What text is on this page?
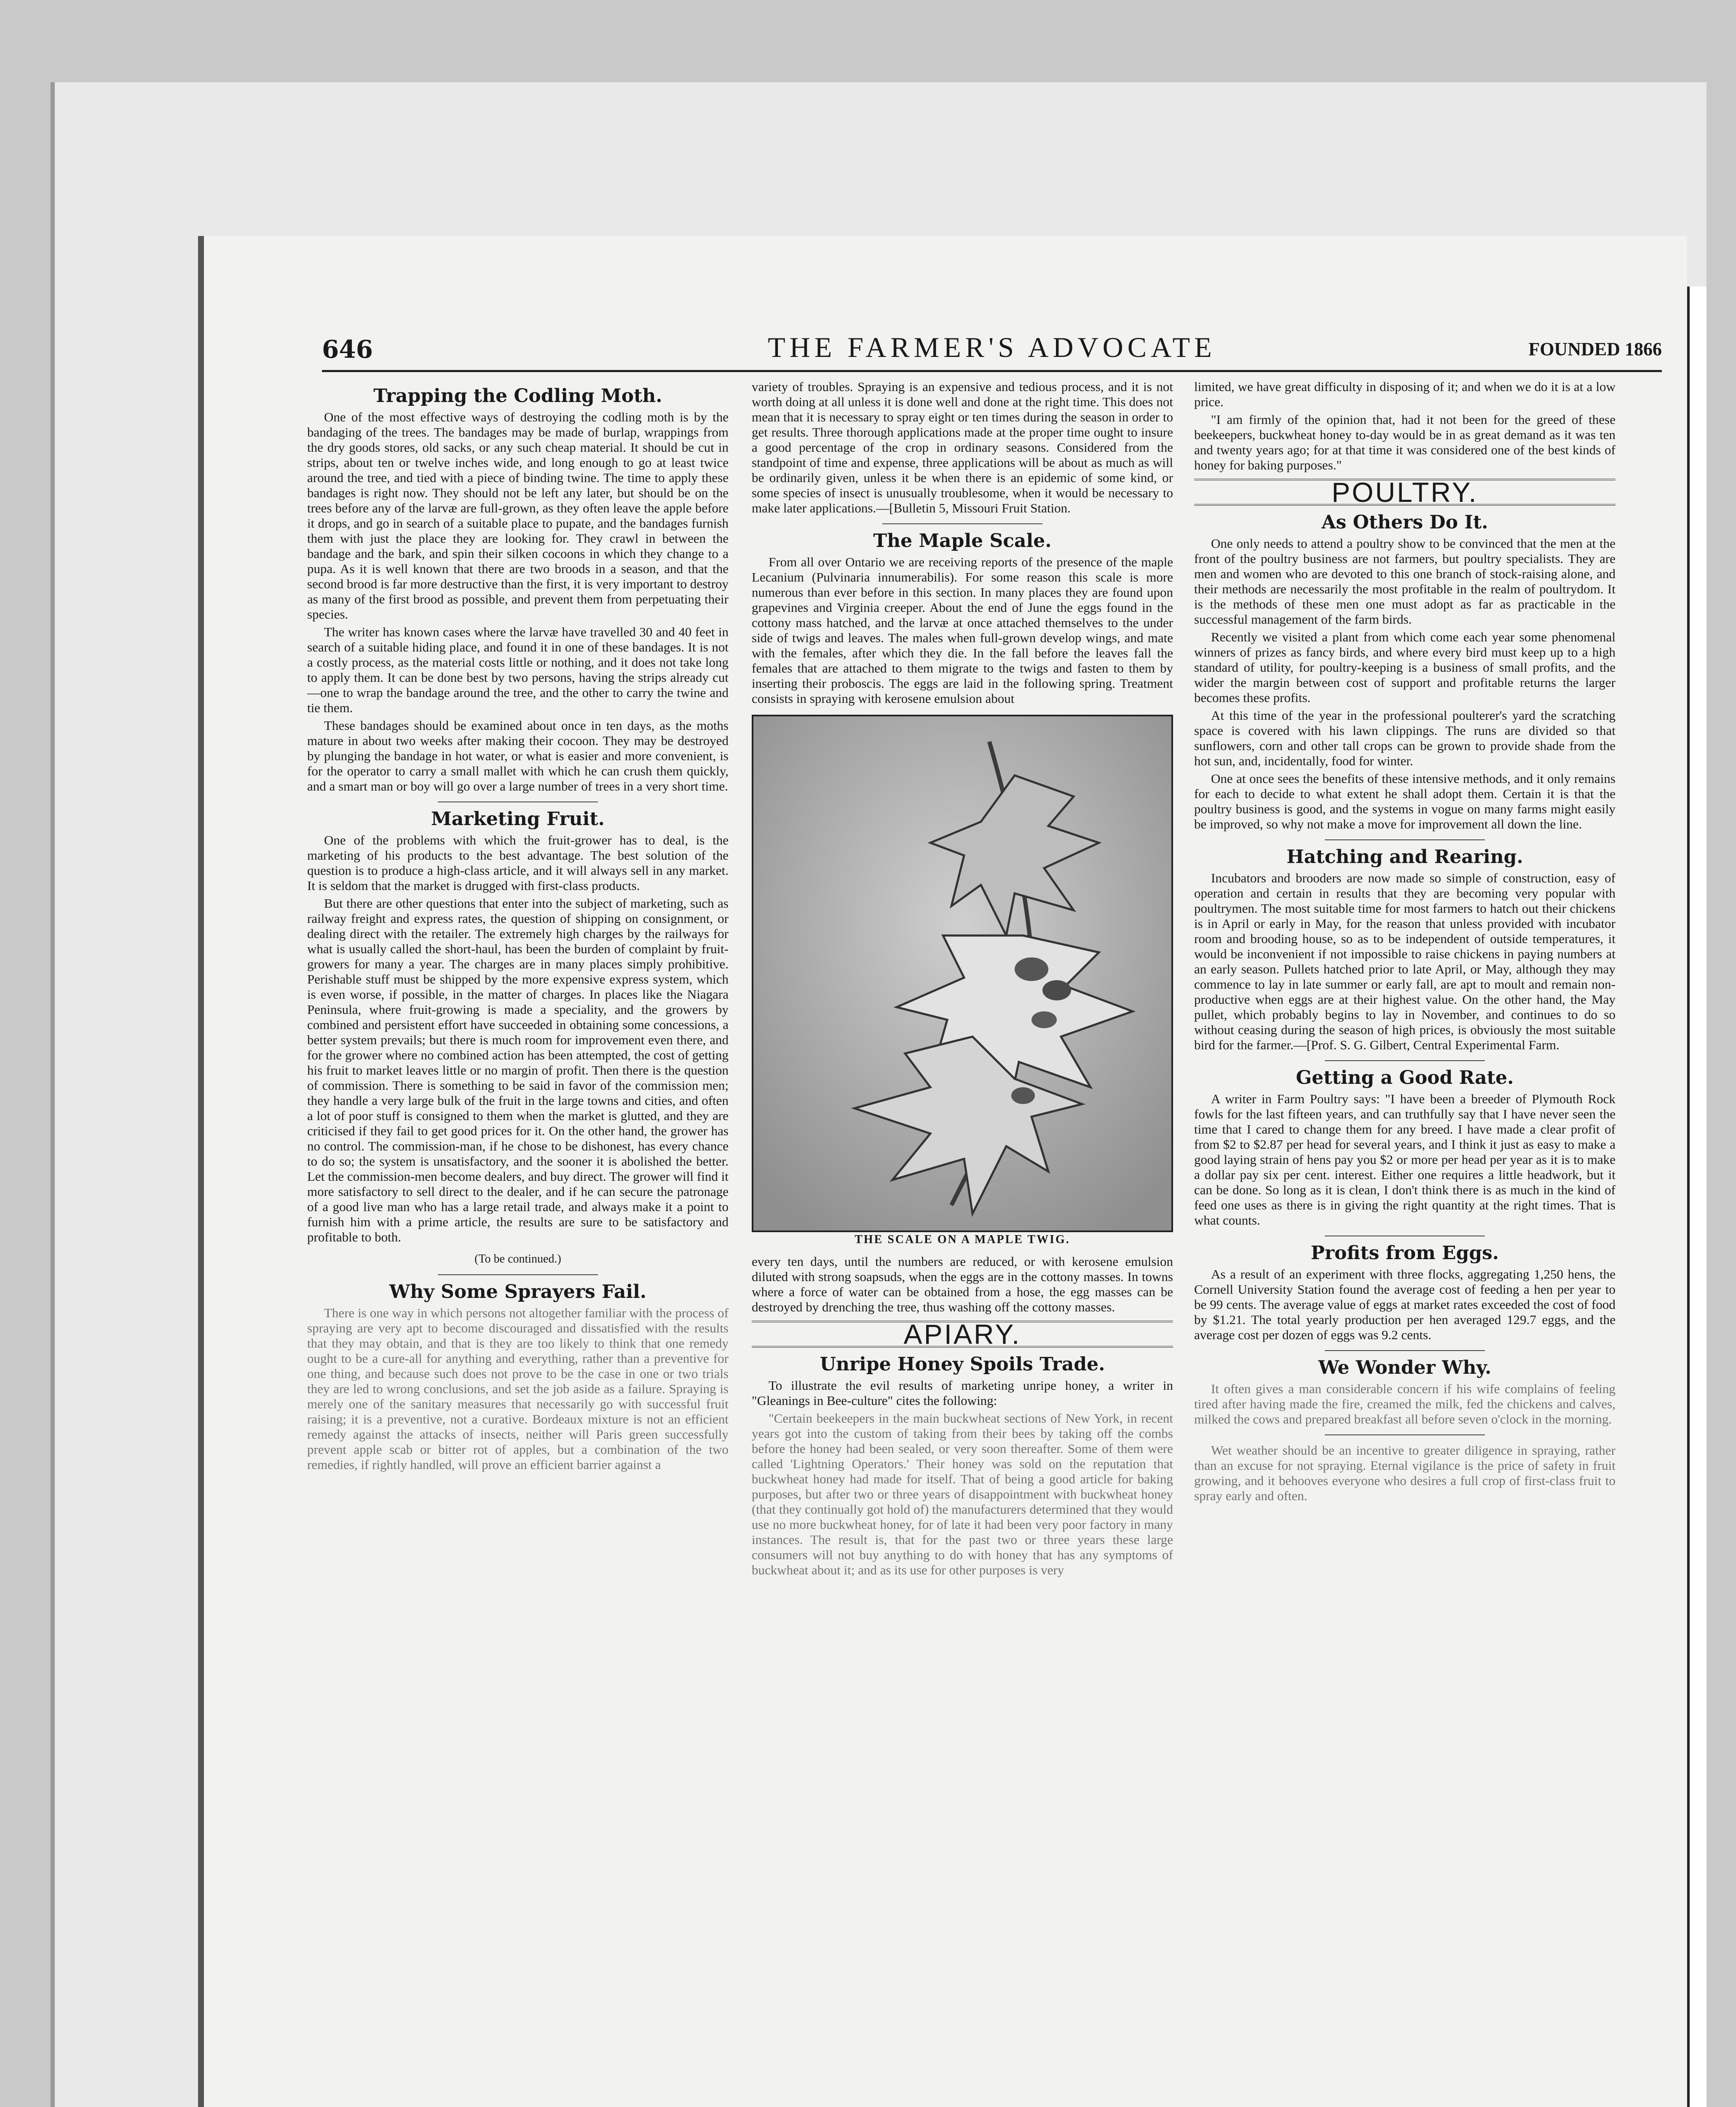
646	THE FARMER'S ADVOCATE	FOUNDED 1866
Trapping the Codling Moth.

One of the most effective ways of destroying the codling moth is by the bandaging of the trees. The bandages may be made of burlap, wrappings from the dry goods stores, old sacks, or any such cheap material. It should be cut in strips, about ten or twelve inches wide, and long enough to go at least twice around the tree, and tied with a piece of binding twine. The time to apply these bandages is right now. They should not be left any later, but should be on the trees before any of the larvæ are full-grown, as they often leave the apple before it drops, and go in search of a suitable place to pupate, and the bandages furnish them with just the place they are looking for. They crawl in between the bandage and the bark, and spin their silken cocoons in which they change to a pupa. As it is well known that there are two broods in a season, and that the second brood is far more destructive than the first, it is very important to destroy as many of the first brood as possible, and prevent them from perpetuating their species.

The writer has known cases where the larvæ have travelled 30 and 40 feet in search of a suitable hiding place, and found it in one of these bandages. It is not a costly process, as the material costs little or nothing, and it does not take long to apply them. It can be done best by two persons, having the strips already cut—one to wrap the bandage around the tree, and the other to carry the twine and tie them.

These bandages should be examined about once in ten days, as the moths mature in about two weeks after making their cocoon. They may be destroyed by plunging the bandage in hot water, or what is easier and more convenient, is for the operator to carry a small mallet with which he can crush them quickly, and a smart man or boy will go over a large number of trees in a very short time.

Marketing Fruit.

One of the problems with which the fruit-grower has to deal, is the marketing of his products to the best advantage. The best solution of the question is to produce a high-class article, and it will always sell in any market. It is seldom that the market is drugged with first-class products.

But there are other questions that enter into the subject of marketing, such as railway freight and express rates, the question of shipping on consignment, or dealing direct with the retailer. The extremely high charges by the railways for what is usually called the short-haul, has been the burden of complaint by fruit-growers for many a year. The charges are in many places simply prohibitive. Perishable stuff must be shipped by the more expensive express system, which is even worse, if possible, in the matter of charges. In places like the Niagara Peninsula, where fruit-growing is made a speciality, and the growers by combined and persistent effort have succeeded in obtaining some concessions, a better system prevails; but there is much room for improvement even there, and for the grower where no combined action has been attempted, the cost of getting his fruit to market leaves little or no margin of profit. Then there is the question of commission. There is something to be said in favor of the commission men; they handle a very large bulk of the fruit in the large towns and cities, and often a lot of poor stuff is consigned to them when the market is glutted, and they are criticised if they fail to get good prices for it. On the other hand, the grower has no control. The commission-man, if he chose to be dishonest, has every chance to do so; the system is unsatisfactory, and the sooner it is abolished the better. Let the commission-men become dealers, and buy direct. The grower will find it more satisfactory to sell direct to the dealer, and if he can secure the patronage of a good live man who has a large retail trade, and always make it a point to furnish him with a prime article, the results are sure to be satisfactory and profitable to both.

(To be continued.)

Why Some Sprayers Fail.

There is one way in which persons not altogether familiar with the process of spraying are very apt to become discouraged and dissatisfied with the results that they may obtain, and that is they are too likely to think that one remedy ought to be a cure-all for anything and everything, rather than a preventive for one thing, and because such does not prove to be the case in one or two trials they are led to wrong conclusions, and set the job aside as a failure. Spraying is merely one of the sanitary measures that necessarily go with successful fruit raising; it is a preventive, not a curative. Bordeaux mixture is not an efficient remedy against the attacks of insects, neither will Paris green successfully prevent apple scab or bitter rot of apples, but a combination of the two remedies, if rightly handled, will prove an efficient barrier against a

variety of troubles. Spraying is an expensive and tedious process, and it is not worth doing at all unless it is done well and done at the right time. This does not mean that it is necessary to spray eight or ten times during the season in order to get results. Three thorough applications made at the proper time ought to insure a good percentage of the crop in ordinary seasons. Considered from the standpoint of time and expense, three applications will be about as much as will be ordinarily given, unless it be when there is an epidemic of some kind, or some species of insect is unusually troublesome, when it would be necessary to make later applications.—[Bulletin 5, Missouri Fruit Station.

The Maple Scale.

From all over Ontario we are receiving reports of the presence of the maple Lecanium (Pulvinaria innumerabilis). For some reason this scale is more numerous than ever before in this section. In many places they are found upon grapevines and Virginia creeper. About the end of June the eggs found in the cottony mass hatched, and the larvæ at once attached themselves to the under side of twigs and leaves. The males when full-grown develop wings, and mate with the females, after which they die. In the fall before the leaves fall the females that are attached to them migrate to the twigs and fasten to them by inserting their proboscis. The eggs are laid in the following spring. Treatment consists in spraying with kerosene emulsion about

THE SCALE ON A MAPLE TWIG.

every ten days, until the numbers are reduced, or with kerosene emulsion diluted with strong soapsuds, when the eggs are in the cottony masses. In towns where a force of water can be obtained from a hose, the egg masses can be destroyed by drenching the tree, thus washing off the cottony masses.

APIARY.
Unripe Honey Spoils Trade.

To illustrate the evil results of marketing unripe honey, a writer in "Gleanings in Bee-culture" cites the following:

"Certain beekeepers in the main buckwheat sections of New York, in recent years got into the custom of taking from their bees by taking off the combs before the honey had been sealed, or very soon thereafter. Some of them were called 'Lightning Operators.' Their honey was sold on the reputation that buckwheat honey had made for itself. That of being a good article for baking purposes, but after two or three years of disappointment with buckwheat honey (that they continually got hold of) the manufacturers determined that they would use no more buckwheat honey, for of late it had been very poor factory in many instances. The result is, that for the past two or three years these large consumers will not buy anything to do with honey that has any symptoms of buckwheat about it; and as its use for other purposes is very

limited, we have great difficulty in disposing of it; and when we do it is at a low price.

"I am firmly of the opinion that, had it not been for the greed of these beekeepers, buckwheat honey to-day would be in as great demand as it was ten and twenty years ago; for at that time it was considered one of the best kinds of honey for baking purposes."

POULTRY.
As Others Do It.

One only needs to attend a poultry show to be convinced that the men at the front of the poultry business are not farmers, but poultry specialists. They are men and women who are devoted to this one branch of stock-raising alone, and their methods are necessarily the most profitable in the realm of poultrydom. It is the methods of these men one must adopt as far as practicable in the successful management of the farm birds.

Recently we visited a plant from which come each year some phenomenal winners of prizes as fancy birds, and where every bird must keep up to a high standard of utility, for poultry-keeping is a business of small profits, and the wider the margin between cost of support and profitable returns the larger becomes these profits.

At this time of the year in the professional poulterer's yard the scratching space is covered with his lawn clippings. The runs are divided so that sunflowers, corn and other tall crops can be grown to provide shade from the hot sun, and, incidentally, food for winter.

One at once sees the benefits of these intensive methods, and it only remains for each to decide to what extent he shall adopt them. Certain it is that the poultry business is good, and the systems in vogue on many farms might easily be improved, so why not make a move for improvement all down the line.

Hatching and Rearing.

Incubators and brooders are now made so simple of construction, easy of operation and certain in results that they are becoming very popular with poultrymen. The most suitable time for most farmers to hatch out their chickens is in April or early in May, for the reason that unless provided with incubator room and brooding house, so as to be independent of outside temperatures, it would be inconvenient if not impossible to raise chickens in paying numbers at an early season. Pullets hatched prior to late April, or May, although they may commence to lay in late summer or early fall, are apt to moult and remain non-productive when eggs are at their highest value. On the other hand, the May pullet, which probably begins to lay in November, and continues to do so without ceasing during the season of high prices, is obviously the most suitable bird for the farmer.—[Prof. S. G. Gilbert, Central Experimental Farm.

Getting a Good Rate.

A writer in Farm Poultry says: "I have been a breeder of Plymouth Rock fowls for the last fifteen years, and can truthfully say that I have never seen the time that I cared to change them for any breed. I have made a clear profit of from $2 to $2.87 per head for several years, and I think it just as easy to make a good laying strain of hens pay you $2 or more per head per year as it is to make a dollar pay six per cent. interest. Either one requires a little headwork, but it can be done. So long as it is clean, I don't think there is as much in the kind of feed one uses as there is in giving the right quantity at the right times. That is what counts.

Profits from Eggs.

As a result of an experiment with three flocks, aggregating 1,250 hens, the Cornell University Station found the average cost of feeding a hen per year to be 99 cents. The average value of eggs at market rates exceeded the cost of food by $1.21. The total yearly production per hen averaged 129.7 eggs, and the average cost per dozen of eggs was 9.2 cents.

We Wonder Why.

It often gives a man considerable concern if his wife complains of feeling tired after having made the fire, creamed the milk, fed the chickens and calves, milked the cows and prepared breakfast all before seven o'clock in the morning.

Wet weather should be an incentive to greater diligence in spraying, rather than an excuse for not spraying. Eternal vigilance is the price of safety in fruit growing, and it behooves everyone who desires a full crop of first-class fruit to spray early and often.
